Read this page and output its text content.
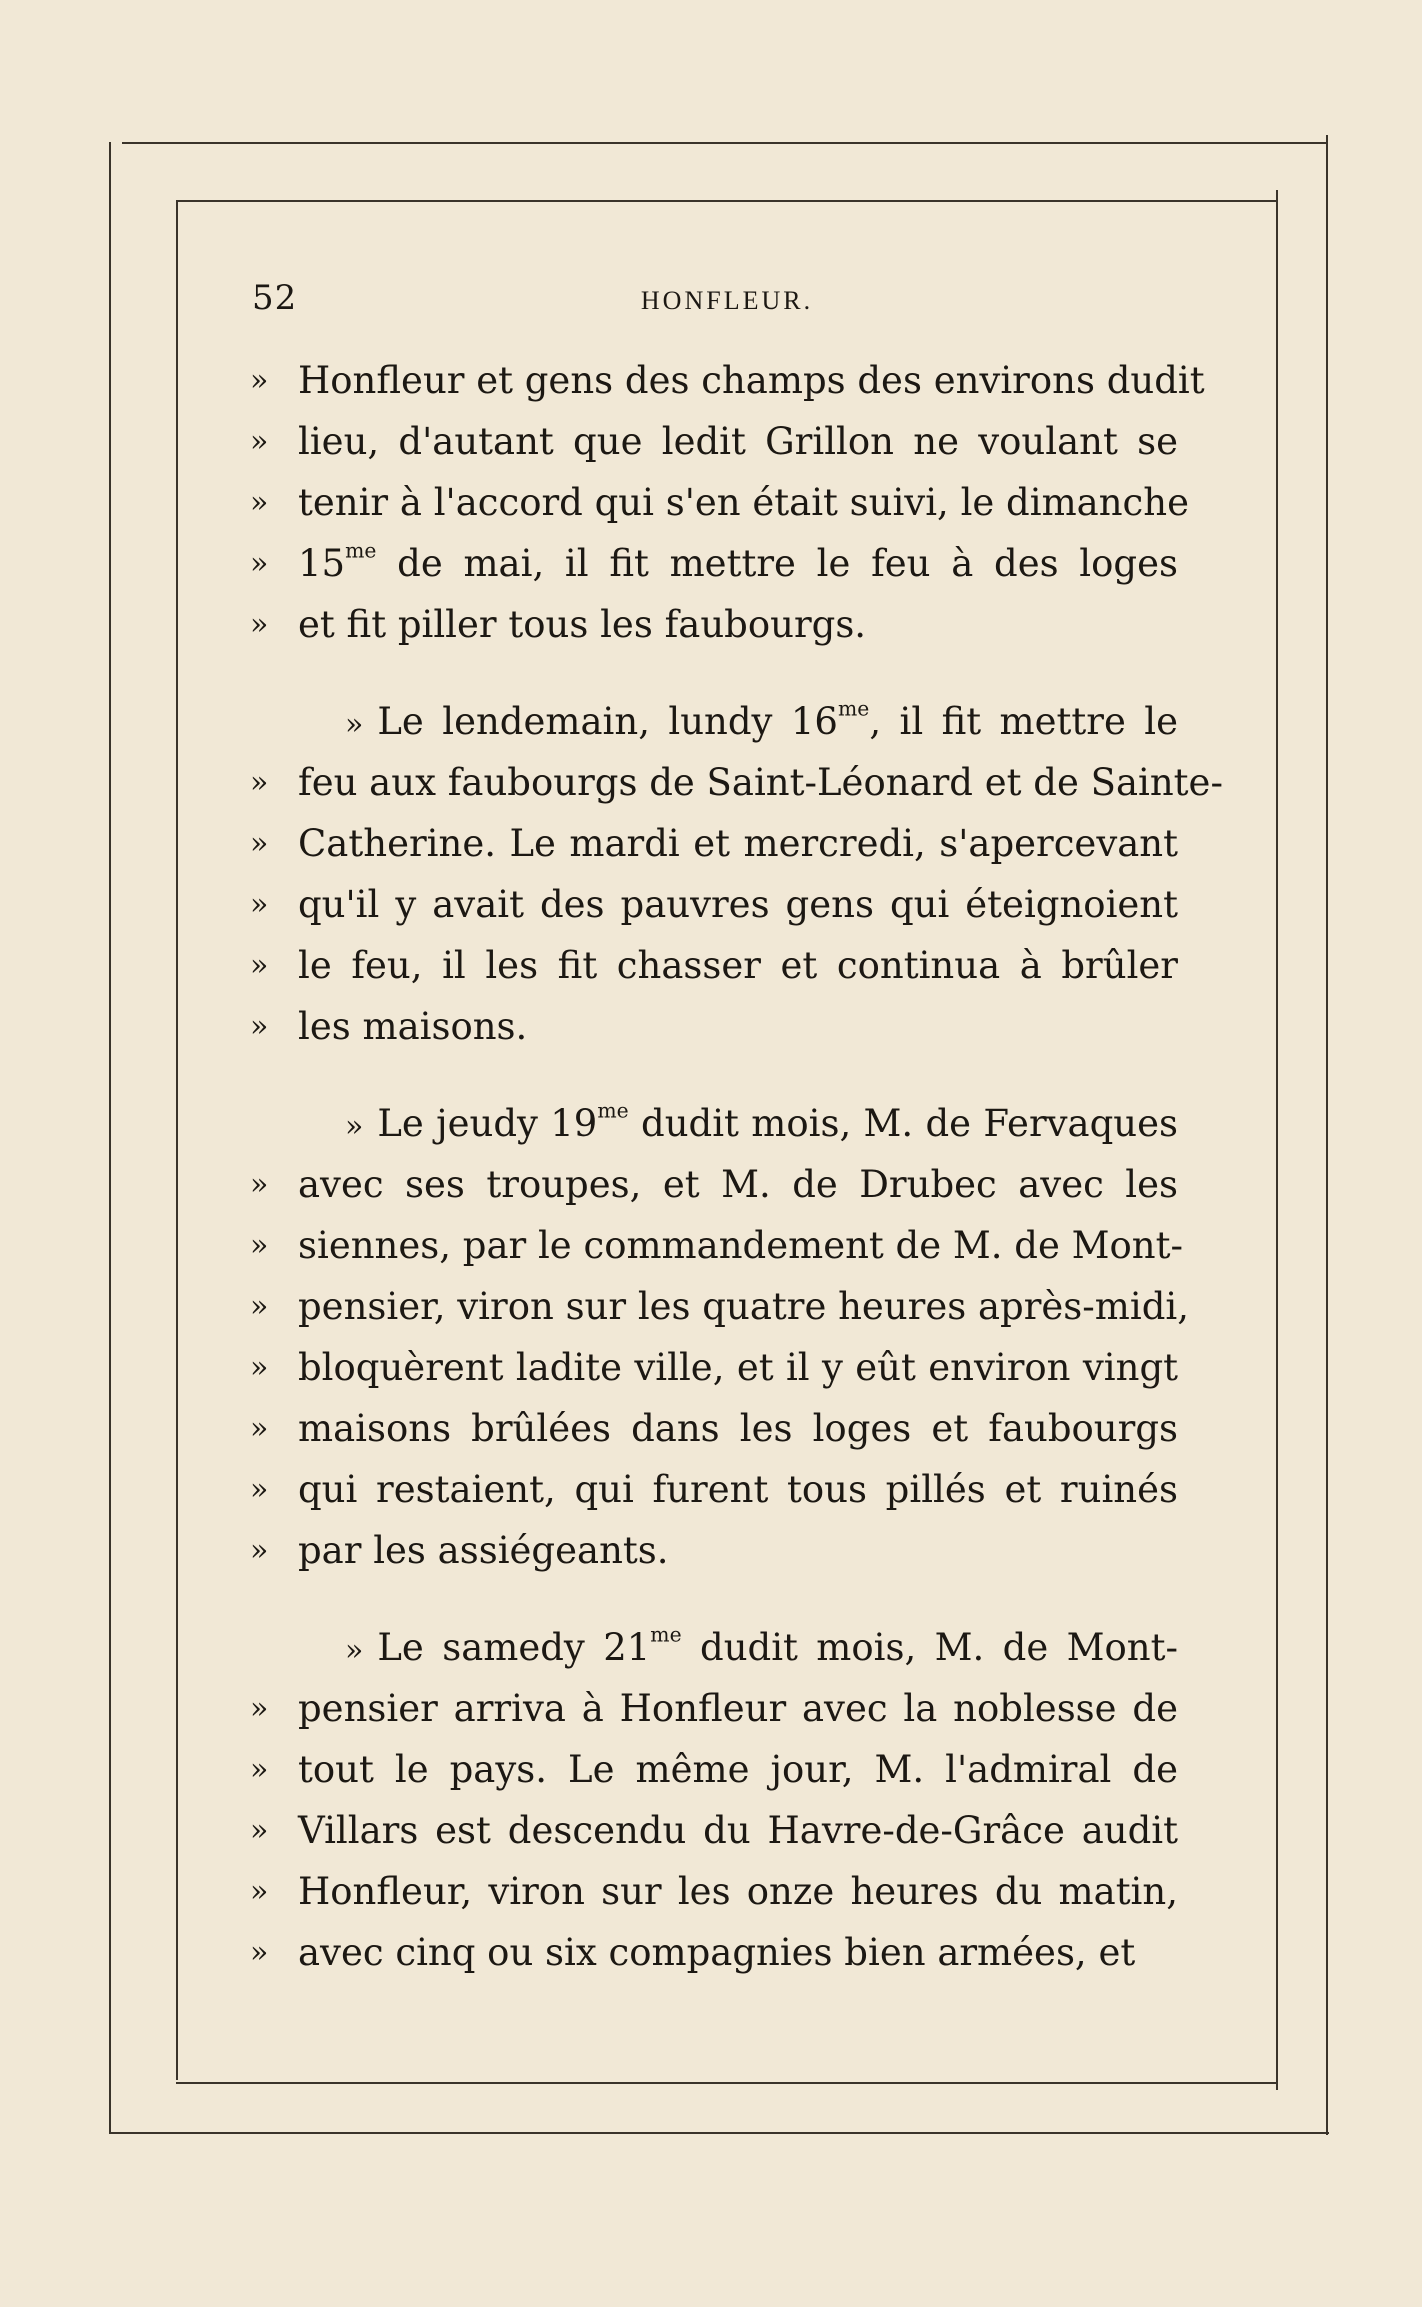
52	HONFLEUR.
» Honfleur et gens des champs des environs dudit
» lieu, d'autant que ledit Grillon ne voulant se
» tenir à l'accord qui s'en était suivi, le dimanche
» $15^{me}$ de mai, il fit mettre le feu à des loges
» et fit piller tous les faubourgs.
» Le lendemain, lundy $16^{me}$, il fit mettre le
» feu aux faubourgs de Saint-Léonard et de Sainte-
» Catherine. Le mardi et mercredi, s'apercevant
» qu'il y avait des pauvres gens qui éteignoient
» le feu, il les fit chasser et continua à brûler
» les maisons.
» Le jeudy $19^{me}$ dudit mois, M. de Fervaques
» avec ses troupes, et M. de Drubec avec les
» siennes, par le commandement de M. de Mont-
» pensier, viron sur les quatre heures après-midi,
» bloquèrent ladite ville, et il y eût environ vingt
» maisons brûlées dans les loges et faubourgs
» qui restaient, qui furent tous pillés et ruinés
» par les assiégeants.
» Le samedy $21^{me}$ dudit mois, M. de Mont-
» pensier arriva à Honfleur avec la noblesse de
» tout le pays. Le même jour, M. l'admiral de
» Villars est descendu du Havre-de-Grâce audit
» Honfleur, viron sur les onze heures du matin,
» avec cinq ou six compagnies bien armées, et
